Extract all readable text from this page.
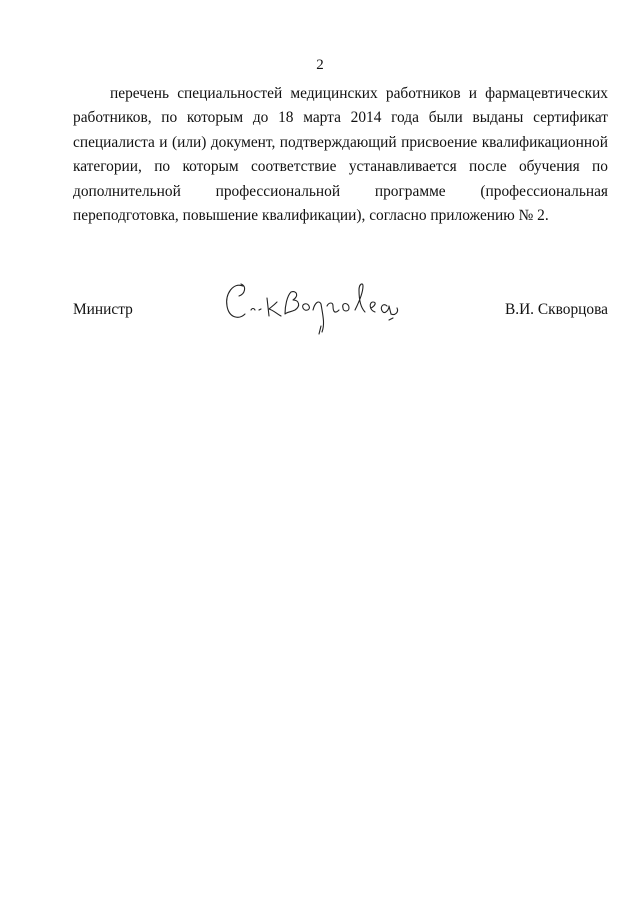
2
перечень специальностей медицинских работников и фармацевтических
работников, по которым до 18 марта 2014 года были выданы сертификат
специалиста и (или) документ, подтверждающий присвоение квалификационной
категории, по которым соответствие устанавливается после обучения по
дополнительной профессиональной программе (профессиональная
переподготовка, повышение квалификации), согласно приложению № 2.
Министр	В.И. Скворцова
